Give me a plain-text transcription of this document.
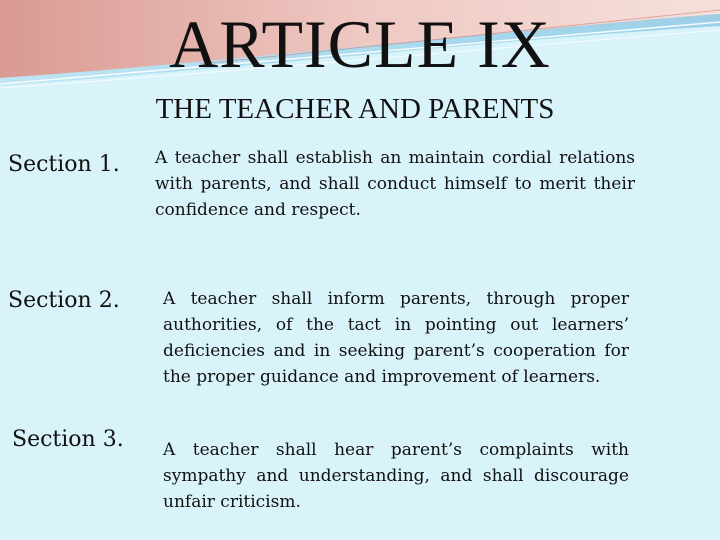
ARTICLE IX
THE TEACHER AND PARENTS
Section 1. A teacher shall establish an maintain cordial relations with parents, and shall conduct himself to merit their confidence and respect.
Section 2.	A teacher shall inform parents, through proper authorities, of the tact in pointing out learners’ deficiencies and in seeking parent’s cooperation for the proper guidance and improvement of learners.
Section 3. A teacher shall hear parent’s complaints with sympathy and understanding, and shall discourage unfair criticism.
